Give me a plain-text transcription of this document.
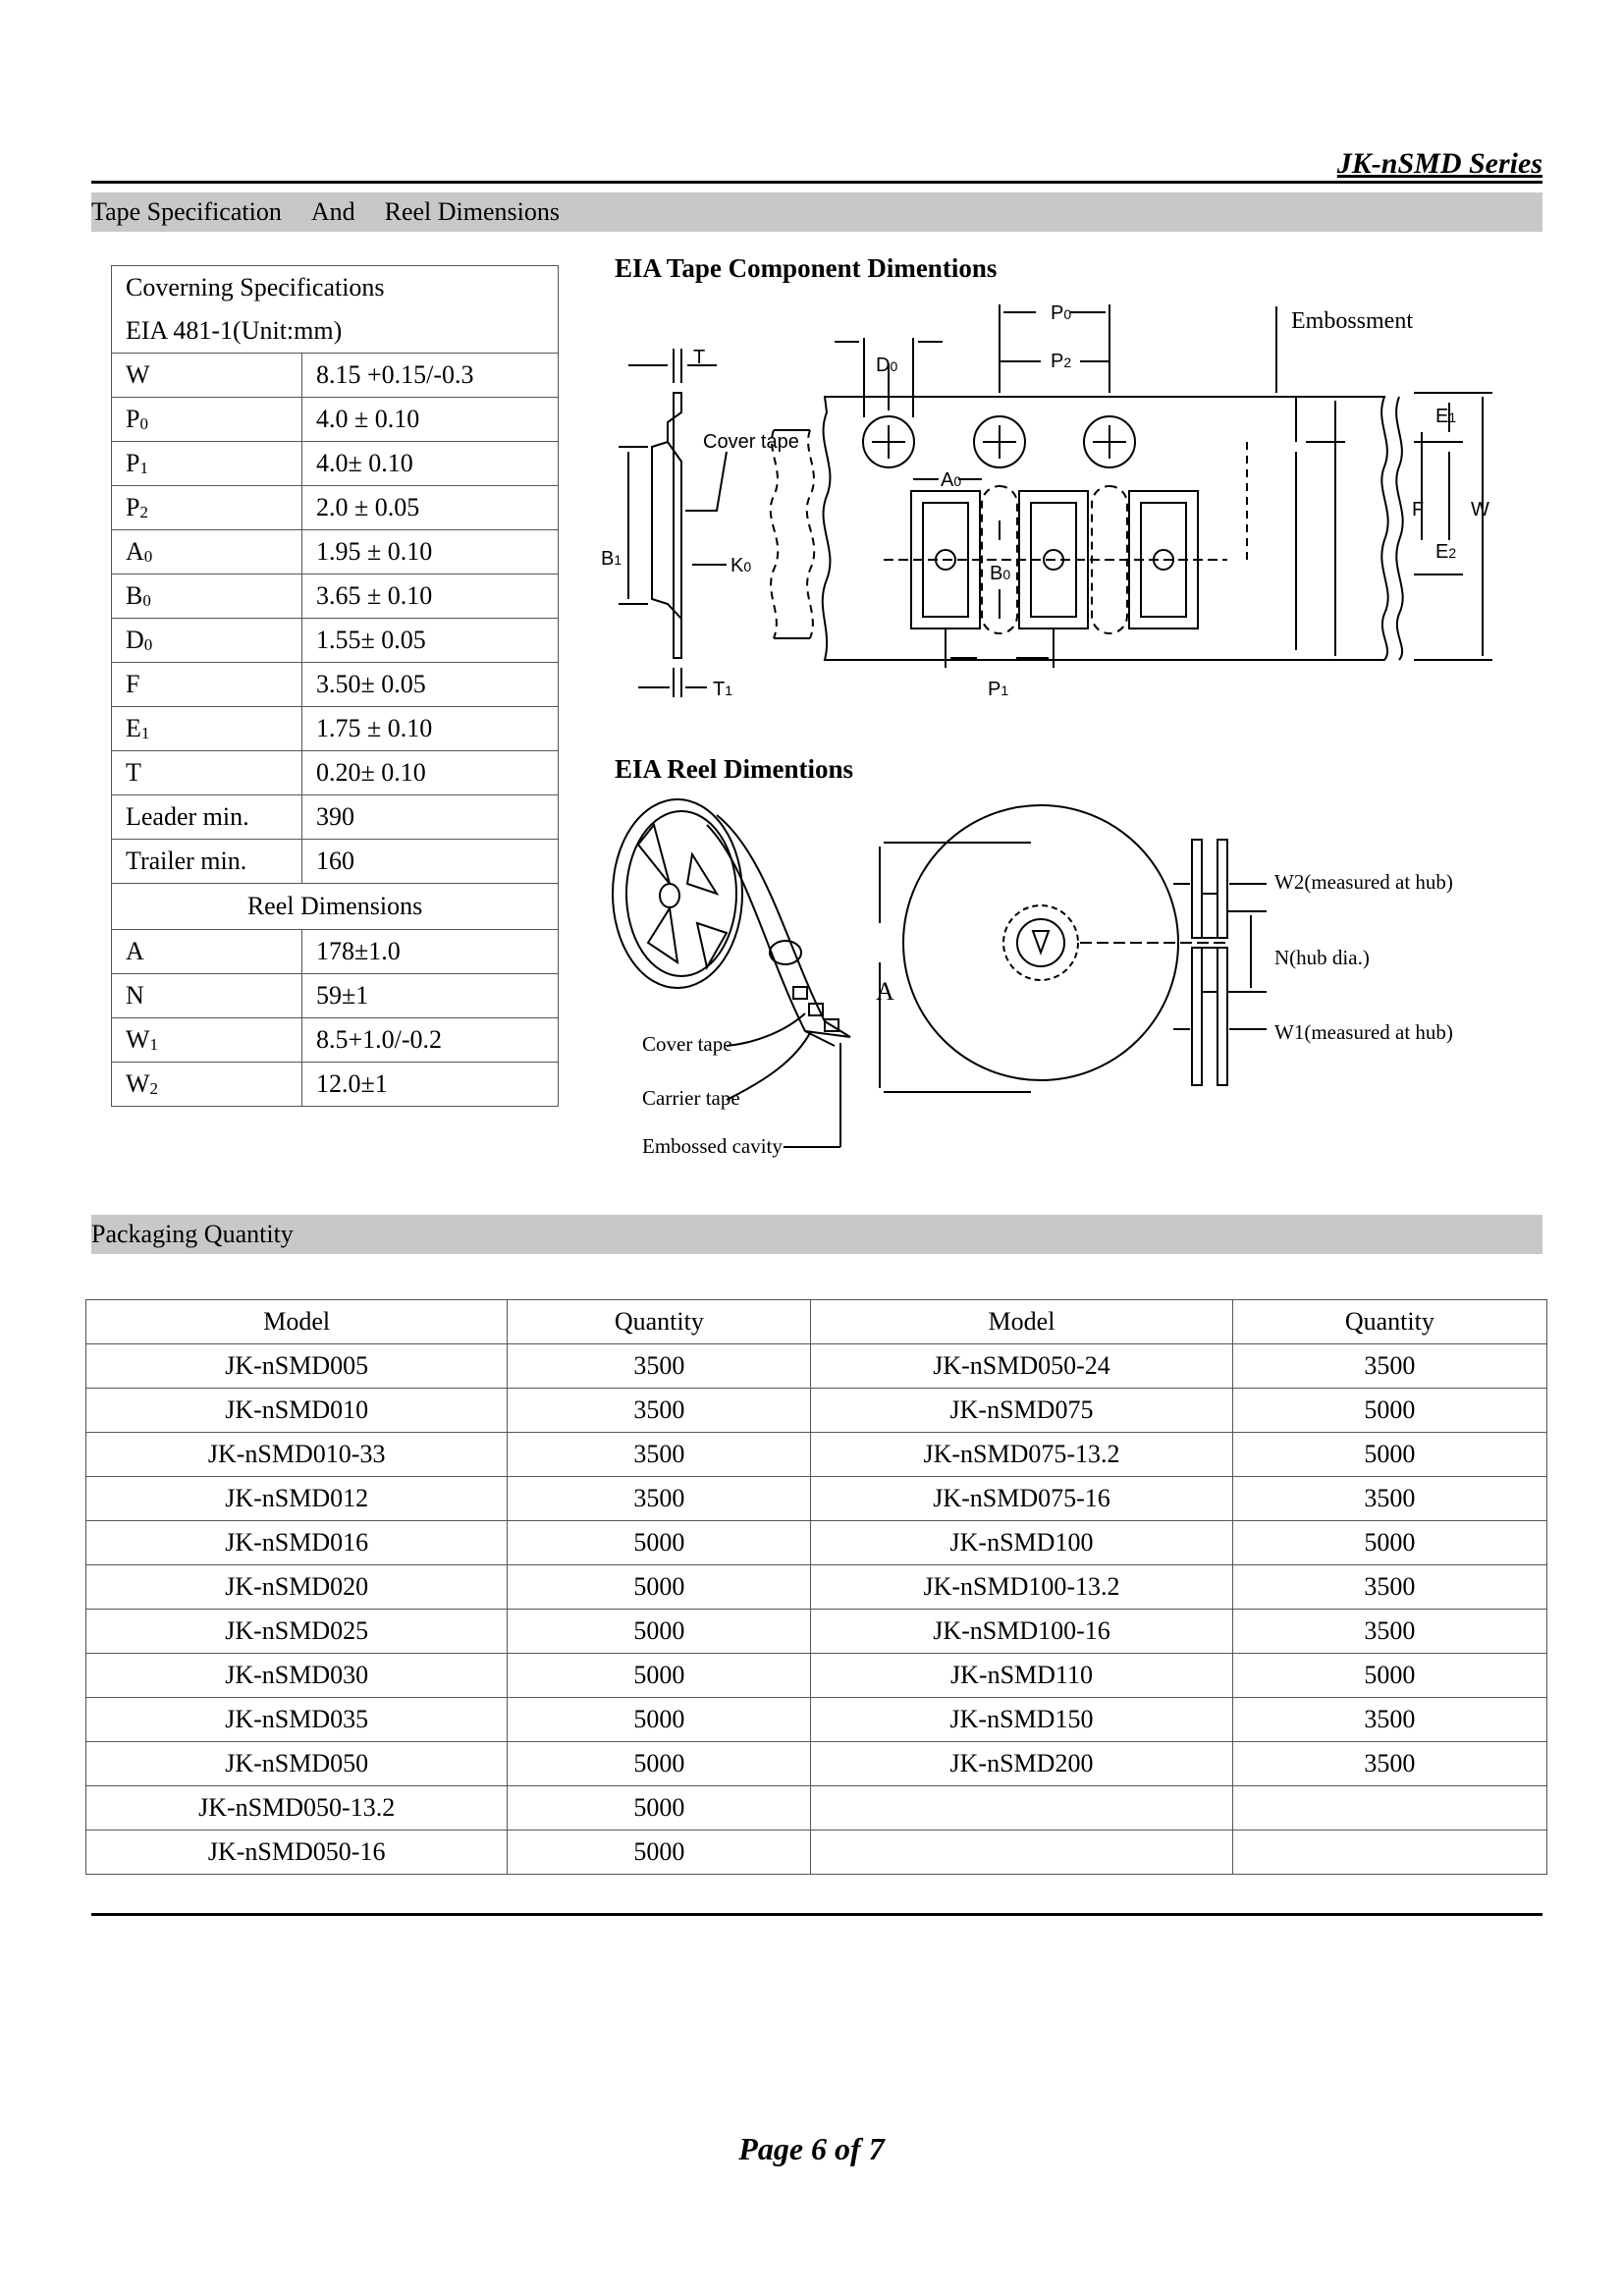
JK-nSMD Series
Tape Specification And Reel Dimensions
Coverning Specifications
EIA 481-1(Unit:mm)	

W	8.15 +0.15/-0.3
$P_0$	4.0 ± 0.10
$P_1$	4.0± 0.10
$P_2$	2.0 ± 0.05
$A_0$	1.95 ± 0.10
$B_0$	3.65 ± 0.10
$D_0$	1.55± 0.05
F	3.50± 0.05
$E_1$	1.75 ± 0.10
T	0.20± 0.10
Leader min.	390
Trailer min.	160
Reel Dimensions	
A	178±1.0
N	59±1
$W_1$	8.5+1.0/-0.2
$W_2$	12.0±1
EIA Tape Component Dimentions
T	D0
P0
P2
Embossment
Cover tape
A0
B0
B1	K0
E1
F W
E2
T1	P1
EIA Reel Dimentions
Cover tape
Carrier tape
Embossed cavity
A
W2(measured at hub)
N(hub dia.)
W1(measured at hub)
Packaging Quantity
Model	Quantity	Model	Quantity
JK-nSMD005	3500	JK-nSMD050-24	3500
JK-nSMD010	3500	JK-nSMD075	5000
JK-nSMD010-33	3500	JK-nSMD075-13.2	5000
JK-nSMD012	3500	JK-nSMD075-16	3500
JK-nSMD016	5000	JK-nSMD100	5000
JK-nSMD020	5000	JK-nSMD100-13.2	3500
JK-nSMD025	5000	JK-nSMD100-16	3500
JK-nSMD030	5000	JK-nSMD110	5000
JK-nSMD035	5000	JK-nSMD150	3500
JK-nSMD050	5000	JK-nSMD200	3500
JK-nSMD050-13.2	5000		
JK-nSMD050-16	5000		
Page 6 of 7
